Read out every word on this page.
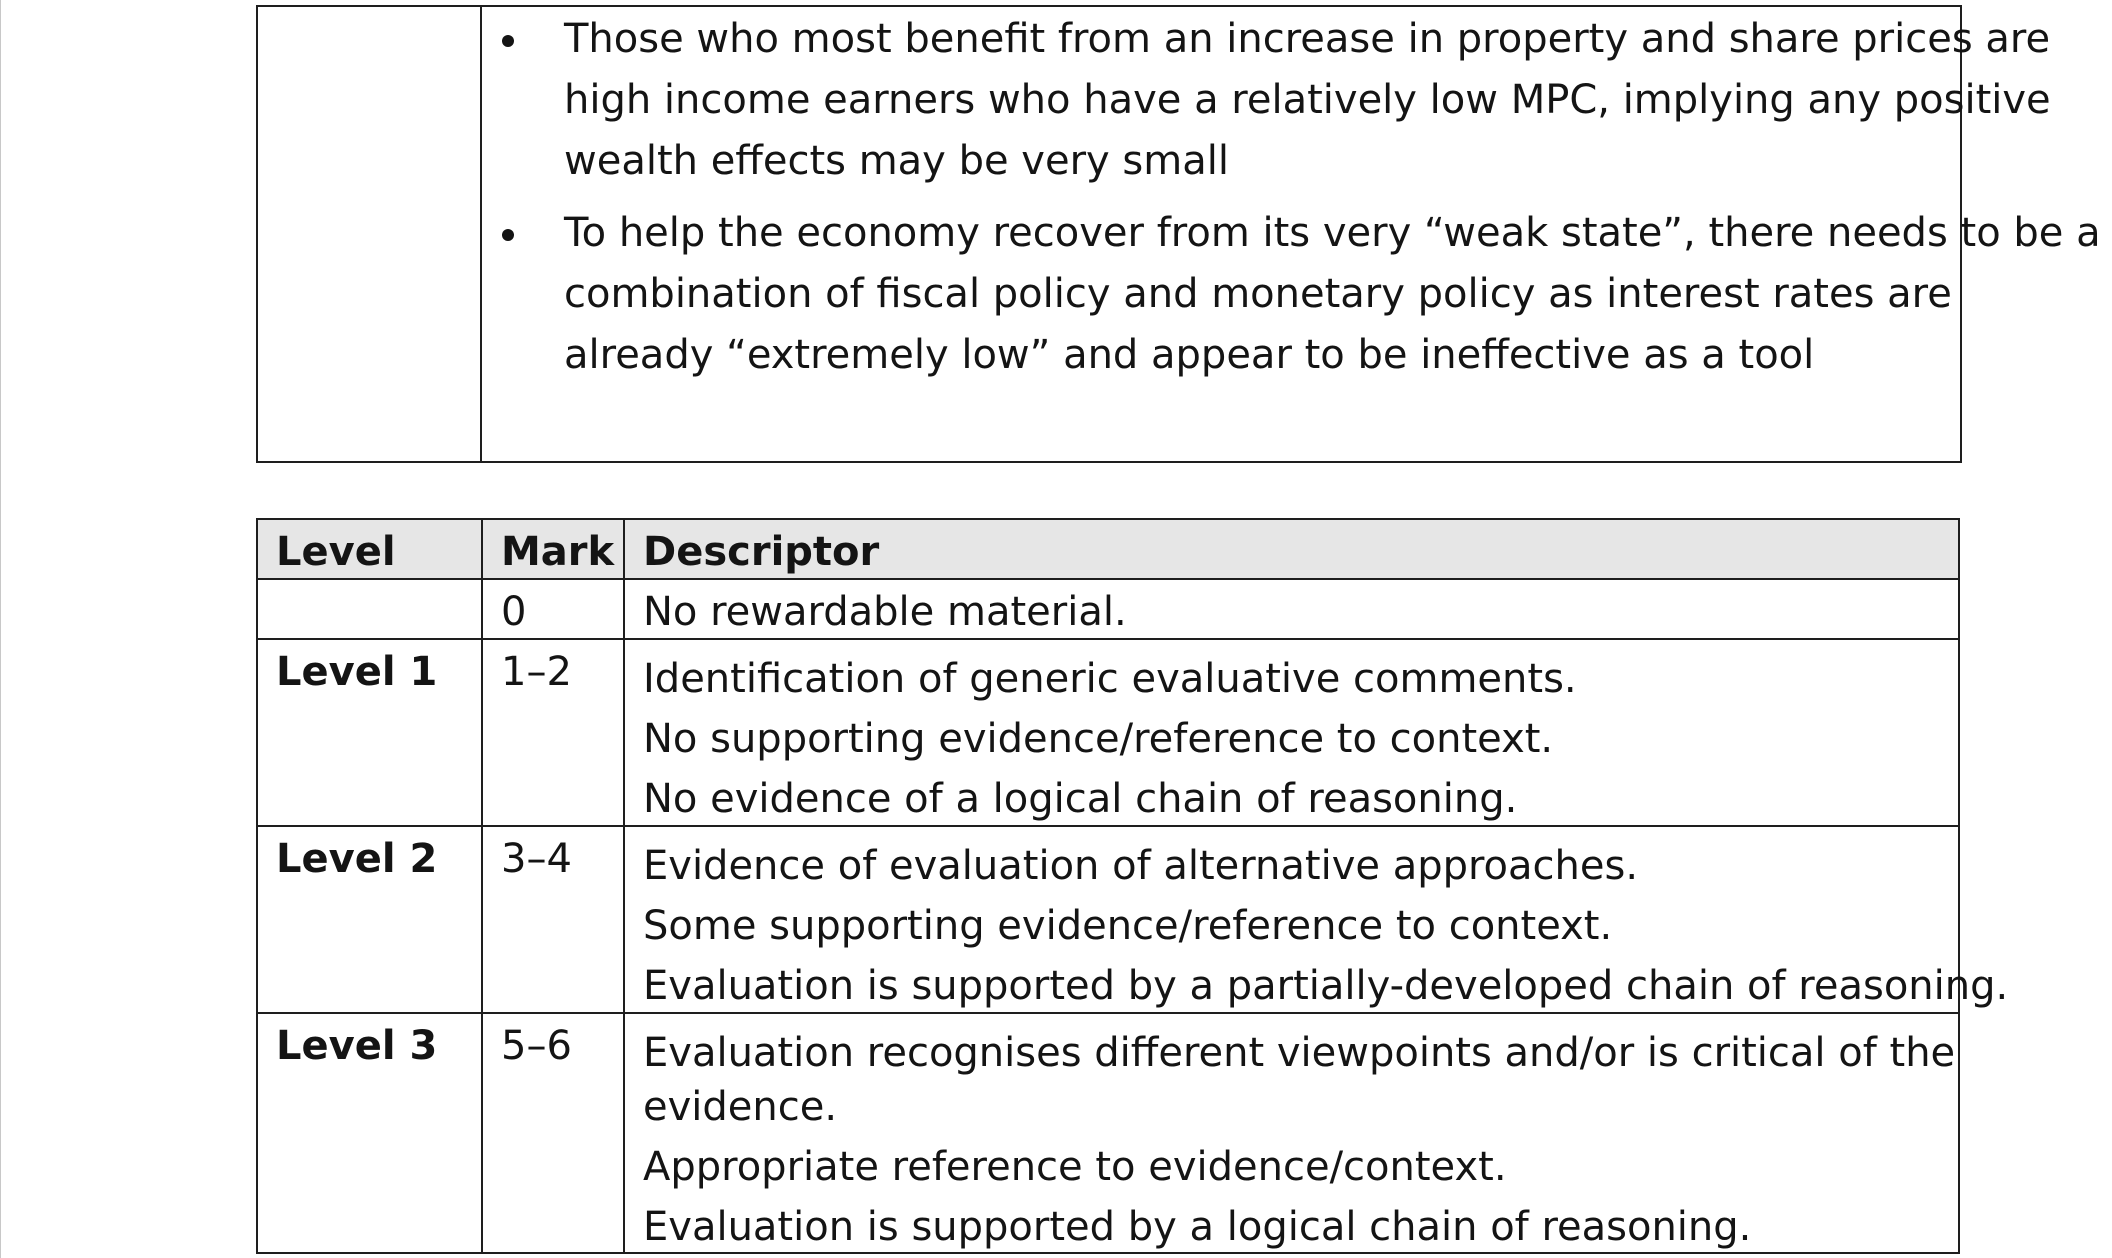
Those who most benefit from an increase in property and share prices are
high income earners who have a relatively low MPC, implying any positive
wealth effects may be very small
To help the economy recover from its very “weak state”, there needs to be a
combination of fiscal policy and monetary policy as interest rates are
already “extremely low” and appear to be ineffective as a tool
Level	Mark Descriptor
0	No rewardable material.
Level 1 1–2 Identification of generic evaluative comments.
No supporting evidence/reference to context.
No evidence of a logical chain of reasoning.
Level 2 3–4 Evidence of evaluation of alternative approaches.
Some supporting evidence/reference to context.
Evaluation is supported by a partially-developed chain of reasoning.
Level 3 5–6 Evaluation recognises different viewpoints and/or is critical of the
evidence.
Appropriate reference to evidence/context.
Evaluation is supported by a logical chain of reasoning.
